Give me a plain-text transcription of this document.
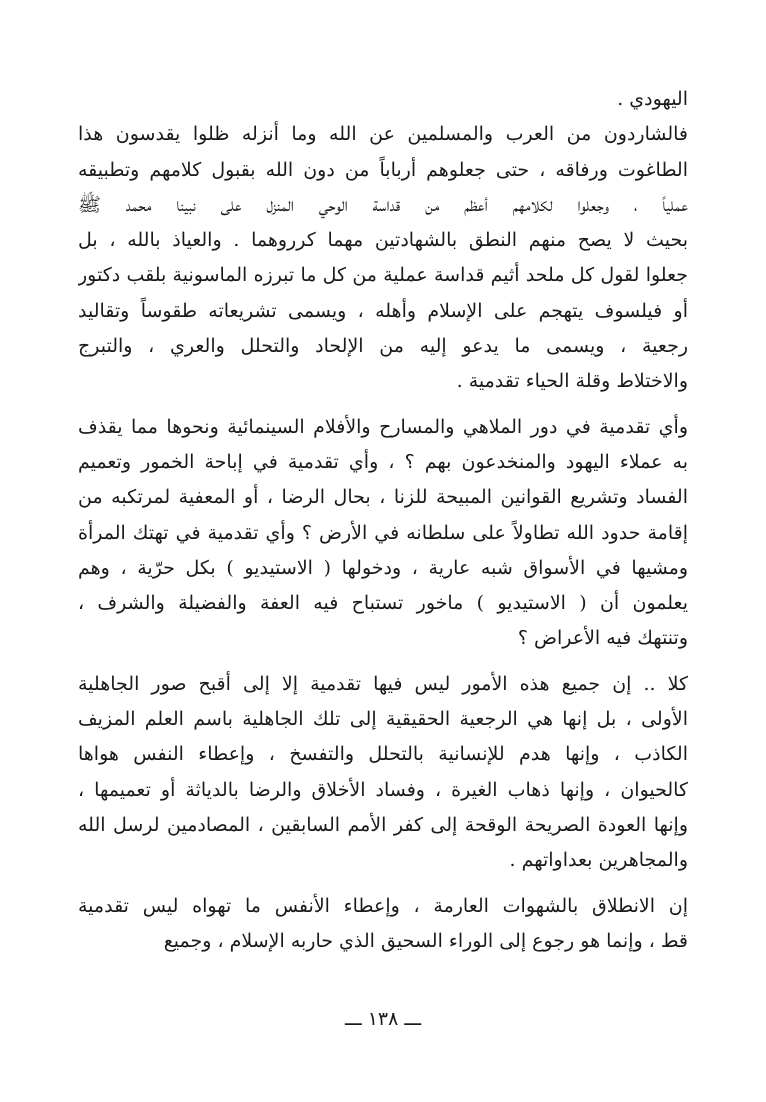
اليهودي .
فالشاردون من العرب والمسلمين عن الله وما أنزله ظلوا يقدسون هذا
الطاغوت ورفاقه ، حتى جعلوهم أرباباً من دون الله بقبول كلامهم وتطبيقه
عملياً ، وجعلوا لكلامهم أعظم من قداسة الوحي المنزل على نبينا محمد ﷺ
بحيث لا يصح منهم النطق بالشهادتين مهما كرروهما . والعياذ بالله ، بل
جعلوا لقول كل ملحد أثيم قداسة عملية من كل ما تبرزه الماسونية بلقب دكتور
أو فيلسوف يتهجم على الإسلام وأهله ، ويسمى تشريعاته طقوساً وتقاليد
رجعية ، ويسمى ما يدعو إليه من الإلحاد والتحلل والعري ، والتبرج
والاختلاط وقلة الحياء تقدمية .
وأي تقدمية في دور الملاهي والمسارح والأفلام السينمائية ونحوها مما يقذف
به عملاء اليهود والمنخدعون بهم ؟ ، وأي تقدمية في إباحة الخمور وتعميم
الفساد وتشريع القوانين المبيحة للزنا ، بحال الرضا ، أو المعفية لمرتكبه من
إقامة حدود الله تطاولاً على سلطانه في الأرض ؟ وأي تقدمية في تهتك المرأة
ومشيها في الأسواق شبه عارية ، ودخولها ( الاستيديو ) بكل حرّية ، وهم
يعلمون أن ( الاستيديو ) ماخور تستباح فيه العفة والفضيلة والشرف ،
وتنتهك فيه الأعراض ؟
كلا .. إن جميع هذه الأمور ليس فيها تقدمية إلا إلى أقبح صور الجاهلية
الأولى ، بل إنها هي الرجعية الحقيقية إلى تلك الجاهلية باسم العلم المزيف
الكاذب ، وإنها هدم للإنسانية بالتحلل والتفسخ ، وإعطاء النفس هواها
كالحيوان ، وإنها ذهاب الغيرة ، وفساد الأخلاق والرضا بالدياثة أو تعميمها ،
وإنها العودة الصريحة الوقحة إلى كفر الأمم السابقين ، المصادمين لرسل الله
والمجاهرين بعداواتهم .
إن الانطلاق بالشهوات العارمة ، وإعطاء الأنفس ما تهواه ليس تقدمية
قط ، وإنما هو رجوع إلى الوراء السحيق الذي حاربه الإسلام ، وجميع
ـــ ١٣٨ ـــ
